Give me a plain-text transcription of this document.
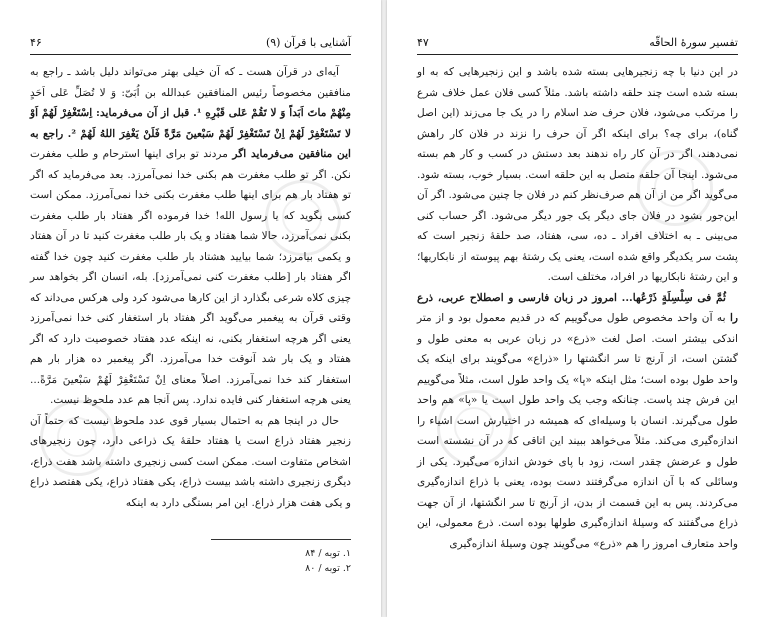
آشنایی با قرآن (۹)
۴۶

آیه‌ای در قرآن هست ـ که آن خیلی بهتر می‌تواند دلیل باشد ـ راجع به منافقین مخصوصاً رئیس المنافقین عبدالله بن اُبَیّ: وَ لا تُصَلِّ عَلی اَحَدٍ مِنْهُمْ ماتَ اَبَداً وَ لا تَقُمْ عَلی قَبْرِهِ ¹. قبل از آن می‌فرماید: اِسْتَغْفِرْ لَهُمْ اَوْ لا تَسْتَغْفِرْ لَهُمْ اِنْ تَسْتَغْفِرْ لَهُمْ سَبْعینَ مَرَّةً فَلَنْ یَغْفِرَ اللهُ لَهُمْ ². راجع به این منافقین می‌فرماید اگر مردند تو برای اینها استرحام و طلب مغفرت نکن. اگر تو طلب مغفرت هم بکنی خدا نمی‌آمرزد. بعد می‌فرماید که اگر تو هفتاد بار هم برای اینها طلب مغفرت بکنی خدا نمی‌آمرزد. ممکن است کسی بگوید که یا رسول الله! خدا فرموده اگر هفتاد بار طلب مغفرت بکنی نمی‌آمرزد، حالا شما هفتاد و یک بار طلب مغفرت کنید تا در آن هفتاد و یکمی بیامرزد؛ شما بیایید هشتاد بار طلب مغفرت کنید چون خدا گفته اگر هفتاد بار [طلب مغفرت کنی نمی‌آمرزد]. بله، انسان اگر بخواهد سر چیزی کلاه شرعی بگذارد از این کارها می‌شود کرد ولی هرکس می‌داند که وقتی قرآن به پیغمبر می‌گوید اگر هفتاد بار استغفار کنی خدا نمی‌آمرزد یعنی اگر هرچه استغفار بکنی، نه اینکه عدد هفتاد خصوصیت دارد که اگر هفتاد و یک بار شد آنوقت خدا می‌آمرزد. اگر پیغمبر ده هزار بار هم استغفار کند خدا نمی‌آمرزد. اصلاً معنای اِنْ تَسْتَغْفِرْ لَهُمْ سَبْعینَ مَرَّةً... یعنی هرچه استغفار کنی فایده ندارد. پس آنجا هم عدد ملحوظ نیست.

حال در اینجا هم به احتمال بسیار قوی عدد ملحوظ نیست که حتماً آن زنجیر هفتاد ذراع است یا هفتاد حلقهٔ یک ذراعی دارد، چون زنجیرهای اشخاص متفاوت است. ممکن است کسی زنجیری داشته باشد هفت ذراع، دیگری زنجیری داشته باشد بیست ذراع، یکی هفتاد ذراع، یکی هفتصد ذراع و یکی هفت هزار ذراع. این امر بستگی دارد به اینکه

۱. توبه / ۸۴
۲. توبه / ۸۰
تفسیر سورهٔ الحاقّه
۴۷

در این دنیا با چه زنجیرهایی بسته شده باشد و این زنجیرهایی که به او بسته شده است چند حلقه داشته باشد. مثلاً کسی فلان عمل خلاف شرع را مرتکب می‌شود، فلان حرف ضد اسلام را در یک جا می‌زند (این اصل گناه)، برای چه؟ برای اینکه اگر آن حرف را نزند در فلان کار راهش نمی‌دهند، اگر در آن کار راه ندهند بعد دستش در کسب و کار هم بسته می‌شود. اینجا آن حلقه متصل به این حلقه است. بسیار خوب، بسته شود. می‌گوید اگر من از آن هم صرف‌نظر کنم در فلان جا چنین می‌شود. اگر آن این‌جور بشود در فلان جای دیگر یک جور دیگر می‌شود. اگر حساب کنی می‌بینی ـ به اختلاف افراد ـ ده، سی، هفتاد، صد حلقهٔ زنجیر است که پشت سر یکدیگر واقع شده است، یعنی یک رشتهٔ بهم پیوسته از نابکاریها؛ و این رشتهٔ نابکاریها در افراد، مختلف است.

ثُمَّ فی سِلْسِلَةٍ ذَرْعُها... امروز در زبان فارسی و اصطلاح عربی، ذرع را به آن واحد مخصوص طول می‌گوییم که در قدیم معمول بود و از متر اندکی بیشتر است. اصل لغت «ذرع» در زبان عربی به معنی طول و گشتن است، از آرنج تا سر انگشتها را «ذراع» می‌گویند برای اینکه یک واحد طول بوده است؛ مثل اینکه «پا» یک واحد طول است، مثلاً می‌گوییم این فرش چند پاست. چنانکه وجب یک واحد طول است یا «پا» هم واحد طول می‌گیرند. انسان با وسیله‌ای که همیشه در اختیارش است اشیاء را اندازه‌گیری می‌کند. مثلاً می‌خواهد ببیند این اتاقی که در آن نشسته است طول و عرضش چقدر است، زود با پای خودش اندازه می‌گیرد. یکی از وسائلی که با آن اندازه می‌گرفتند دست بوده، یعنی با ذراع اندازه‌گیری می‌کردند. پس به این قسمت از بدن، از آرنج تا سر انگشتها، از آن جهت ذراع می‌گفتند که وسیلهٔ اندازه‌گیری طولها بوده است. ذرع معمولی، این واحد متعارف امروز را هم «ذرع» می‌گویند چون وسیلهٔ اندازه‌گیری
